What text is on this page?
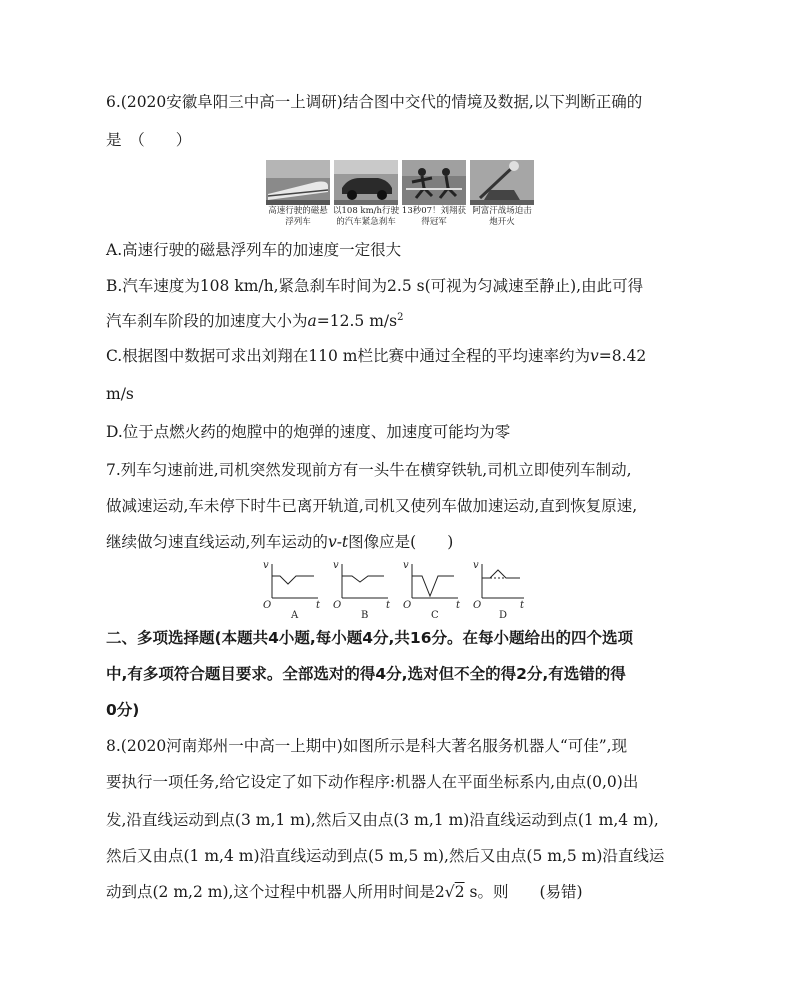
6.(2020安徽阜阳三中高一上调研)结合图中交代的情境及数据,以下判断正确的
是　（　　）
高速行驶的磁悬浮列车
以108 km/h行驶的汽车紧急刹车
13秒07！刘翔获得冠军
阿富汗战场迫击炮开火
A.高速行驶的磁悬浮列车的加速度一定很大
B.汽车速度为108 km/h,紧急刹车时间为2.5 s(可视为匀减速至静止),由此可得
汽车刹车阶段的加速度大小为a=12.5 $m/s^2$
C.根据图中数据可求出刘翔在110 m栏比赛中通过全程的平均速率约为v=8.42
m/s
D.位于点燃火药的炮膛中的炮弹的速度、加速度可能均为零
7.列车匀速前进,司机突然发现前方有一头牛在横穿铁轨,司机立即使列车制动,
做减速运动,车未停下时牛已离开轨道,司机又使列车做加速运动,直到恢复原速,
继续做匀速直线运动,列车运动的v-t图像应是(　　)
v
O	t
A
v
O	t
B
v
O	t
C
v
O	t
D
二、多项选择题(本题共4小题,每小题4分,共16分。在每小题给出的四个选项
中,有多项符合题目要求。全部选对的得4分,选对但不全的得2分,有选错的得
0分)
8.(2020河南郑州一中高一上期中)如图所示是科大著名服务机器人“可佳”,现
要执行一项任务,给它设定了如下动作程序:机器人在平面坐标系内,由点(0,0)出
发,沿直线运动到点(3 m,1 m),然后又由点(3 m,1 m)沿直线运动到点(1 m,4 m),
然后又由点(1 m,4 m)沿直线运动到点(5 m,5 m),然后又由点(5 m,5 m)沿直线运
动到点(2 m,2 m),这个过程中机器人所用时间是2√2 s。则　　(易错)
